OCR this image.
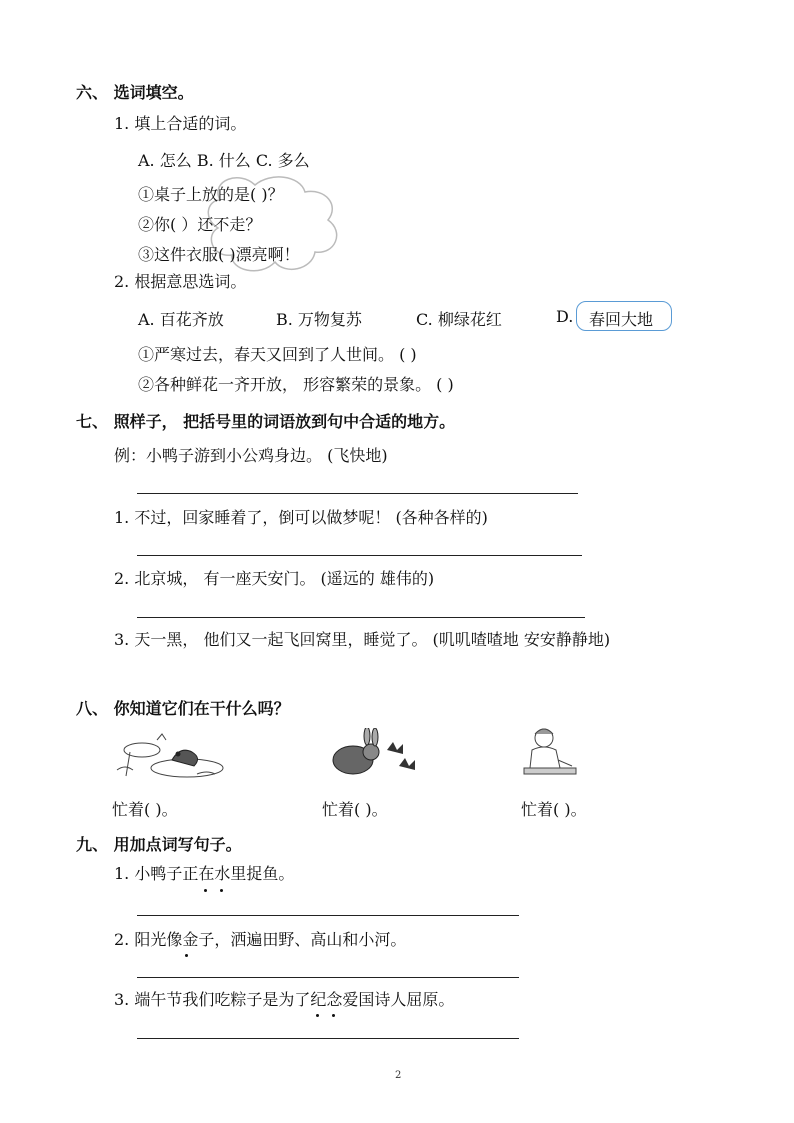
六、 选词填空。
1. 填上合适的词。
A. 怎么 B. 什么 C. 多么
①桌子上放的是( )？
②你( ）还不走？
③这件衣服( )漂亮啊！
2. 根据意思选词。
A. 百花齐放	B. 万物复苏	C. 柳绿花红	D. 春回大地
①严寒过去，春天又回到了人世间。 ( )
②各种鲜花一齐开放， 形容繁荣的景象。 ( )
七、 照样子， 把括号里的词语放到句中合适的地方。
例：小鸭子游到小公鸡身边。 (飞快地)
1. 不过，回家睡着了，倒可以做梦呢！ (各种各样的)
2. 北京城， 有一座天安门。 (遥远的 雄伟的)
3. 天一黑， 他们又一起飞回窝里，睡觉了。 (叽叽喳喳地 安安静静地)
八、 你知道它们在干什么吗？
忙着( )。	忙着( )。	忙着( )。
九、 用加点词写句子。
1. 小鸭子正在水里捉鱼。
2. 阳光像金子，洒遍田野、高山和小河。
3. 端午节我们吃粽子是为了纪念爱国诗人屈原。
2
